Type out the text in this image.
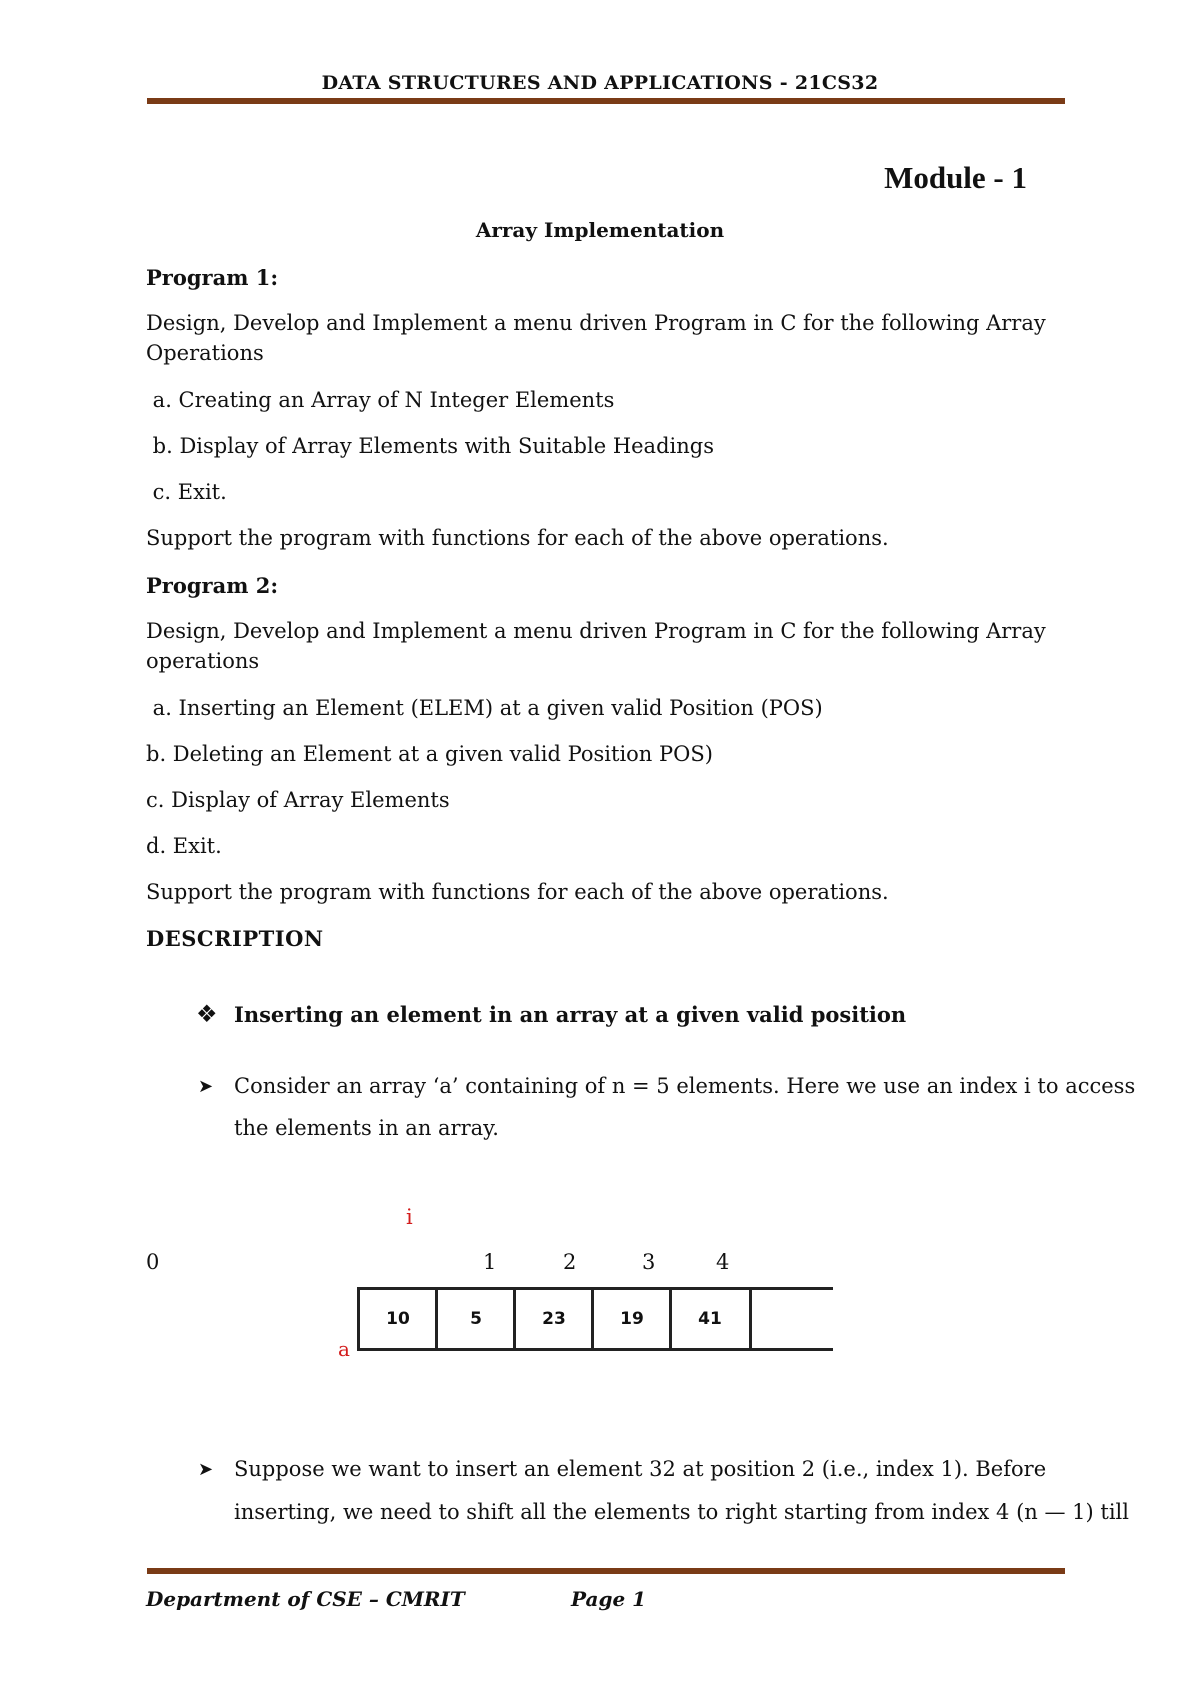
DATA STRUCTURES AND APPLICATIONS - 21CS32
Module - 1
Array Implementation
Program 1:
Design, Develop and Implement a menu driven Program in C for the following Array
Operations
a. Creating an Array of N Integer Elements
b. Display of Array Elements with Suitable Headings
c. Exit.
Support the program with functions for each of the above operations.
Program 2:
Design, Develop and Implement a menu driven Program in C for the following Array
operations
a. Inserting an Element (ELEM) at a given valid Position (POS)
b. Deleting an Element at a given valid Position POS)
c. Display of Array Elements
d. Exit.
Support the program with functions for each of the above operations.
DESCRIPTION
❖ Inserting an element in an array at a given valid position
➤ Consider an array ‘a’ containing of n = 5 elements. Here we use an index i to access
the elements in an array.
i
0	1	2	3	4
10	5	23	19	41
a
➤ Suppose we want to insert an element 32 at position 2 (i.e., index 1). Before
inserting, we need to shift all the elements to right starting from index 4 (n — 1) till
Department of CSE – CMRIT	Page 1
